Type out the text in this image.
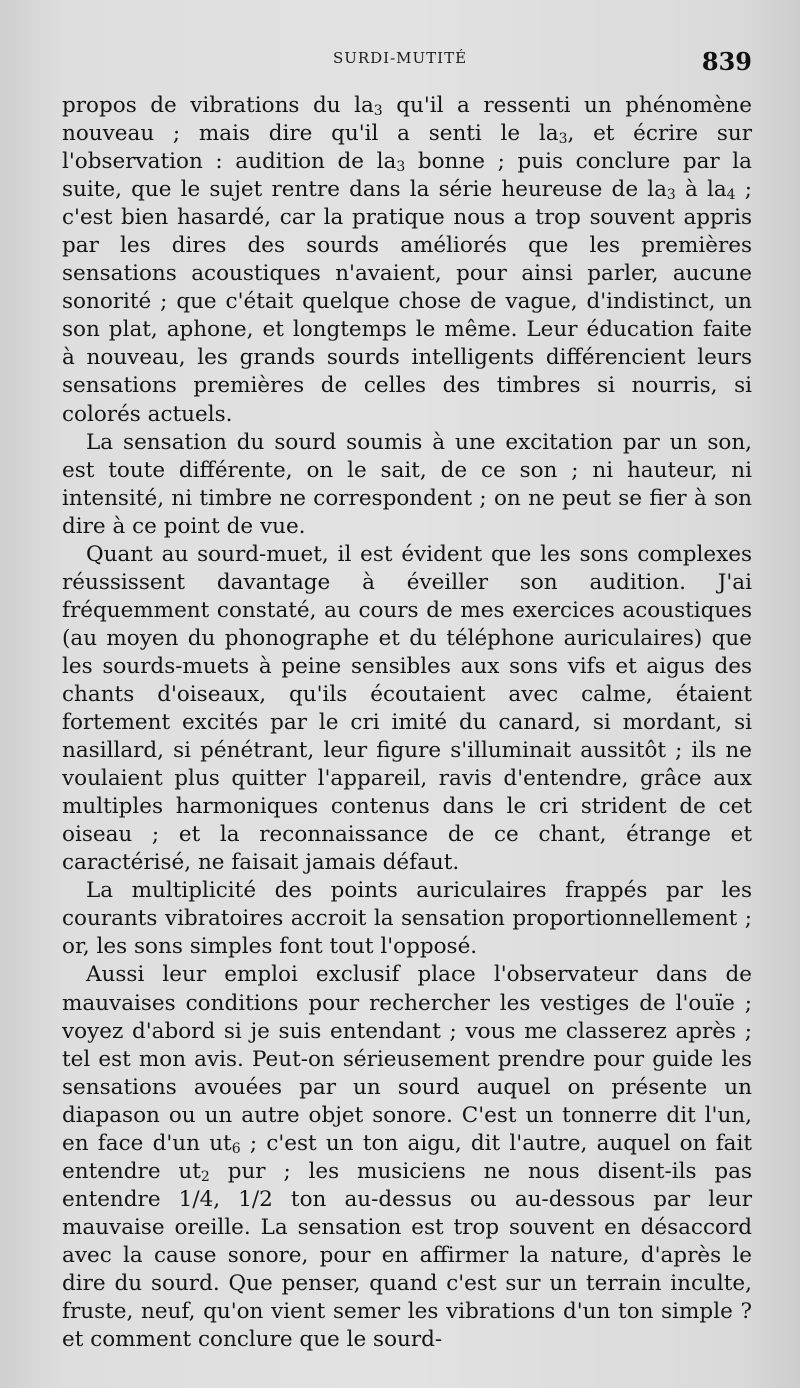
SURDI-MUTITÉ	839

propos de vibrations du $la_3$ qu'il a ressenti un phénomène nouveau ; mais dire qu'il a senti le $la_3$, et écrire sur l'observation : audition de $la_3$ bonne ; puis conclure par la suite, que le sujet rentre dans la série heureuse de $la_3$ à $la_4$ ; c'est bien hasardé, car la pratique nous a trop souvent appris par les dires des sourds améliorés que les premières sensations acoustiques n'avaient, pour ainsi parler, aucune sonorité ; que c'était quelque chose de vague, d'indistinct, un son plat, aphone, et longtemps le même. Leur éducation faite à nouveau, les grands sourds intelligents différencient leurs sensations premières de celles des timbres si nourris, si colorés actuels.

La sensation du sourd soumis à une excitation par un son, est toute différente, on le sait, de ce son ; ni hauteur, ni intensité, ni timbre ne correspondent ; on ne peut se fier à son dire à ce point de vue.

Quant au sourd-muet, il est évident que les sons complexes réussissent davantage à éveiller son audition. J'ai fréquemment constaté, au cours de mes exercices acoustiques (au moyen du phonographe et du téléphone auriculaires) que les sourds-muets à peine sensibles aux sons vifs et aigus des chants d'oiseaux, qu'ils écoutaient avec calme, étaient fortement excités par le cri imité du canard, si mordant, si nasillard, si pénétrant, leur figure s'illuminait aussitôt ; ils ne voulaient plus quitter l'appareil, ravis d'entendre, grâce aux multiples harmoniques contenus dans le cri strident de cet oiseau ; et la reconnaissance de ce chant, étrange et caractérisé, ne faisait jamais défaut.

La multiplicité des points auriculaires frappés par les courants vibratoires accroit la sensation proportionnellement ; or, les sons simples font tout l'opposé.

Aussi leur emploi exclusif place l'observateur dans de mauvaises conditions pour rechercher les vestiges de l'ouïe ; voyez d'abord si je suis entendant ; vous me classerez après ; tel est mon avis. Peut-on sérieusement prendre pour guide les sensations avouées par un sourd auquel on présente un diapason ou un autre objet sonore. C'est un tonnerre dit l'un, en face d'un $ut_6$ ; c'est un ton aigu, dit l'autre, auquel on fait entendre $ut_2$ pur ; les musiciens ne nous disent-ils pas entendre 1/4, 1/2 ton au-dessus ou au-dessous par leur mauvaise oreille. La sensation est trop souvent en désaccord avec la cause sonore, pour en affirmer la nature, d'après le dire du sourd. Que penser, quand c'est sur un terrain inculte, fruste, neuf, qu'on vient semer les vibrations d'un ton simple ? et comment conclure que le sourd-
